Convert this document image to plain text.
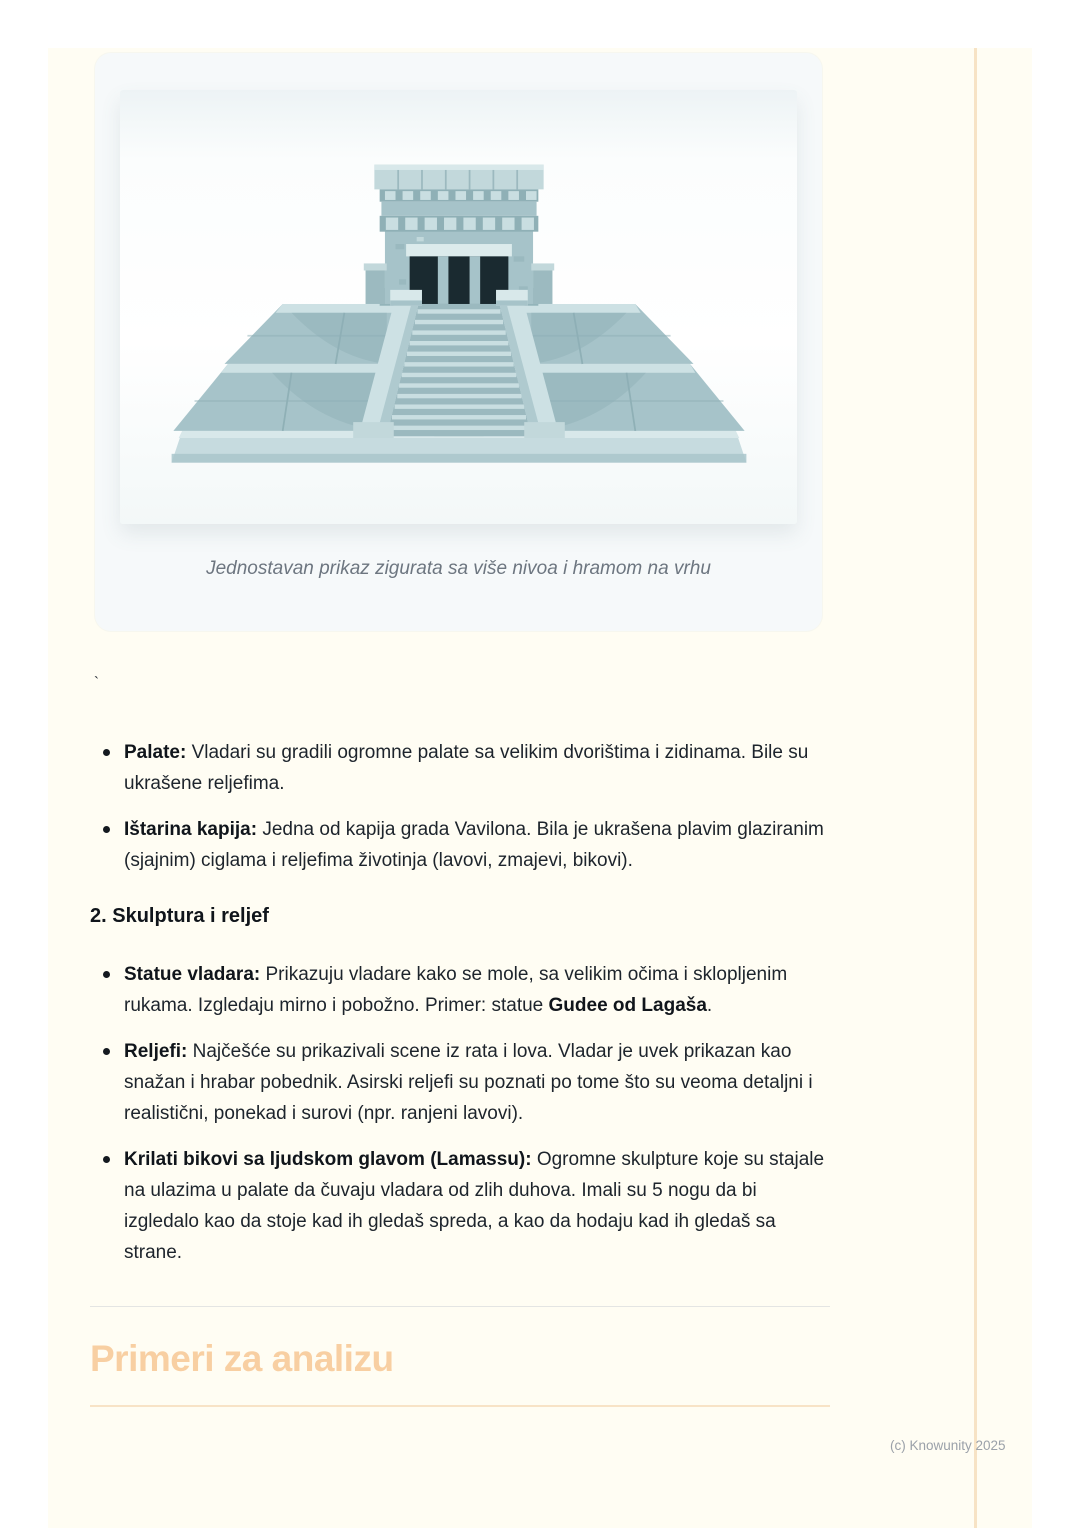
Jednostavan prikaz zigurata sa više nivoa i hramom na vrhu

`

Palate: Vladari su gradili ogromne palate sa velikim dvorištima i zidinama. Bile su ukrašene reljefima.
Ištarina kapija: Jedna od kapija grada Vavilona. Bila je ukrašena plavim glaziranim (sjajnim) ciglama i reljefima životinja (lavovi, zmajevi, bikovi).
2. Skulptura i reljef
Statue vladara: Prikazuju vladare kako se mole, sa velikim očima i sklopljenim rukama. Izgledaju mirno i pobožno. Primer: statue Gudee od Lagaša.
Reljefi: Najčešće su prikazivali scene iz rata i lova. Vladar je uvek prikazan kao snažan i hrabar pobednik. Asirski reljefi su poznati po tome što su veoma detaljni i realistični, ponekad i surovi (npr. ranjeni lavovi).
Krilati bikovi sa ljudskom glavom (Lamassu): Ogromne skulpture koje su stajale na ulazima u palate da čuvaju vladara od zlih duhova. Imali su 5 nogu da bi izgledalo kao da stoje kad ih gledaš spreda, a kao da hodaju kad ih gledaš sa strane.
Primeri za analizu
(c) Knowunity 2025
